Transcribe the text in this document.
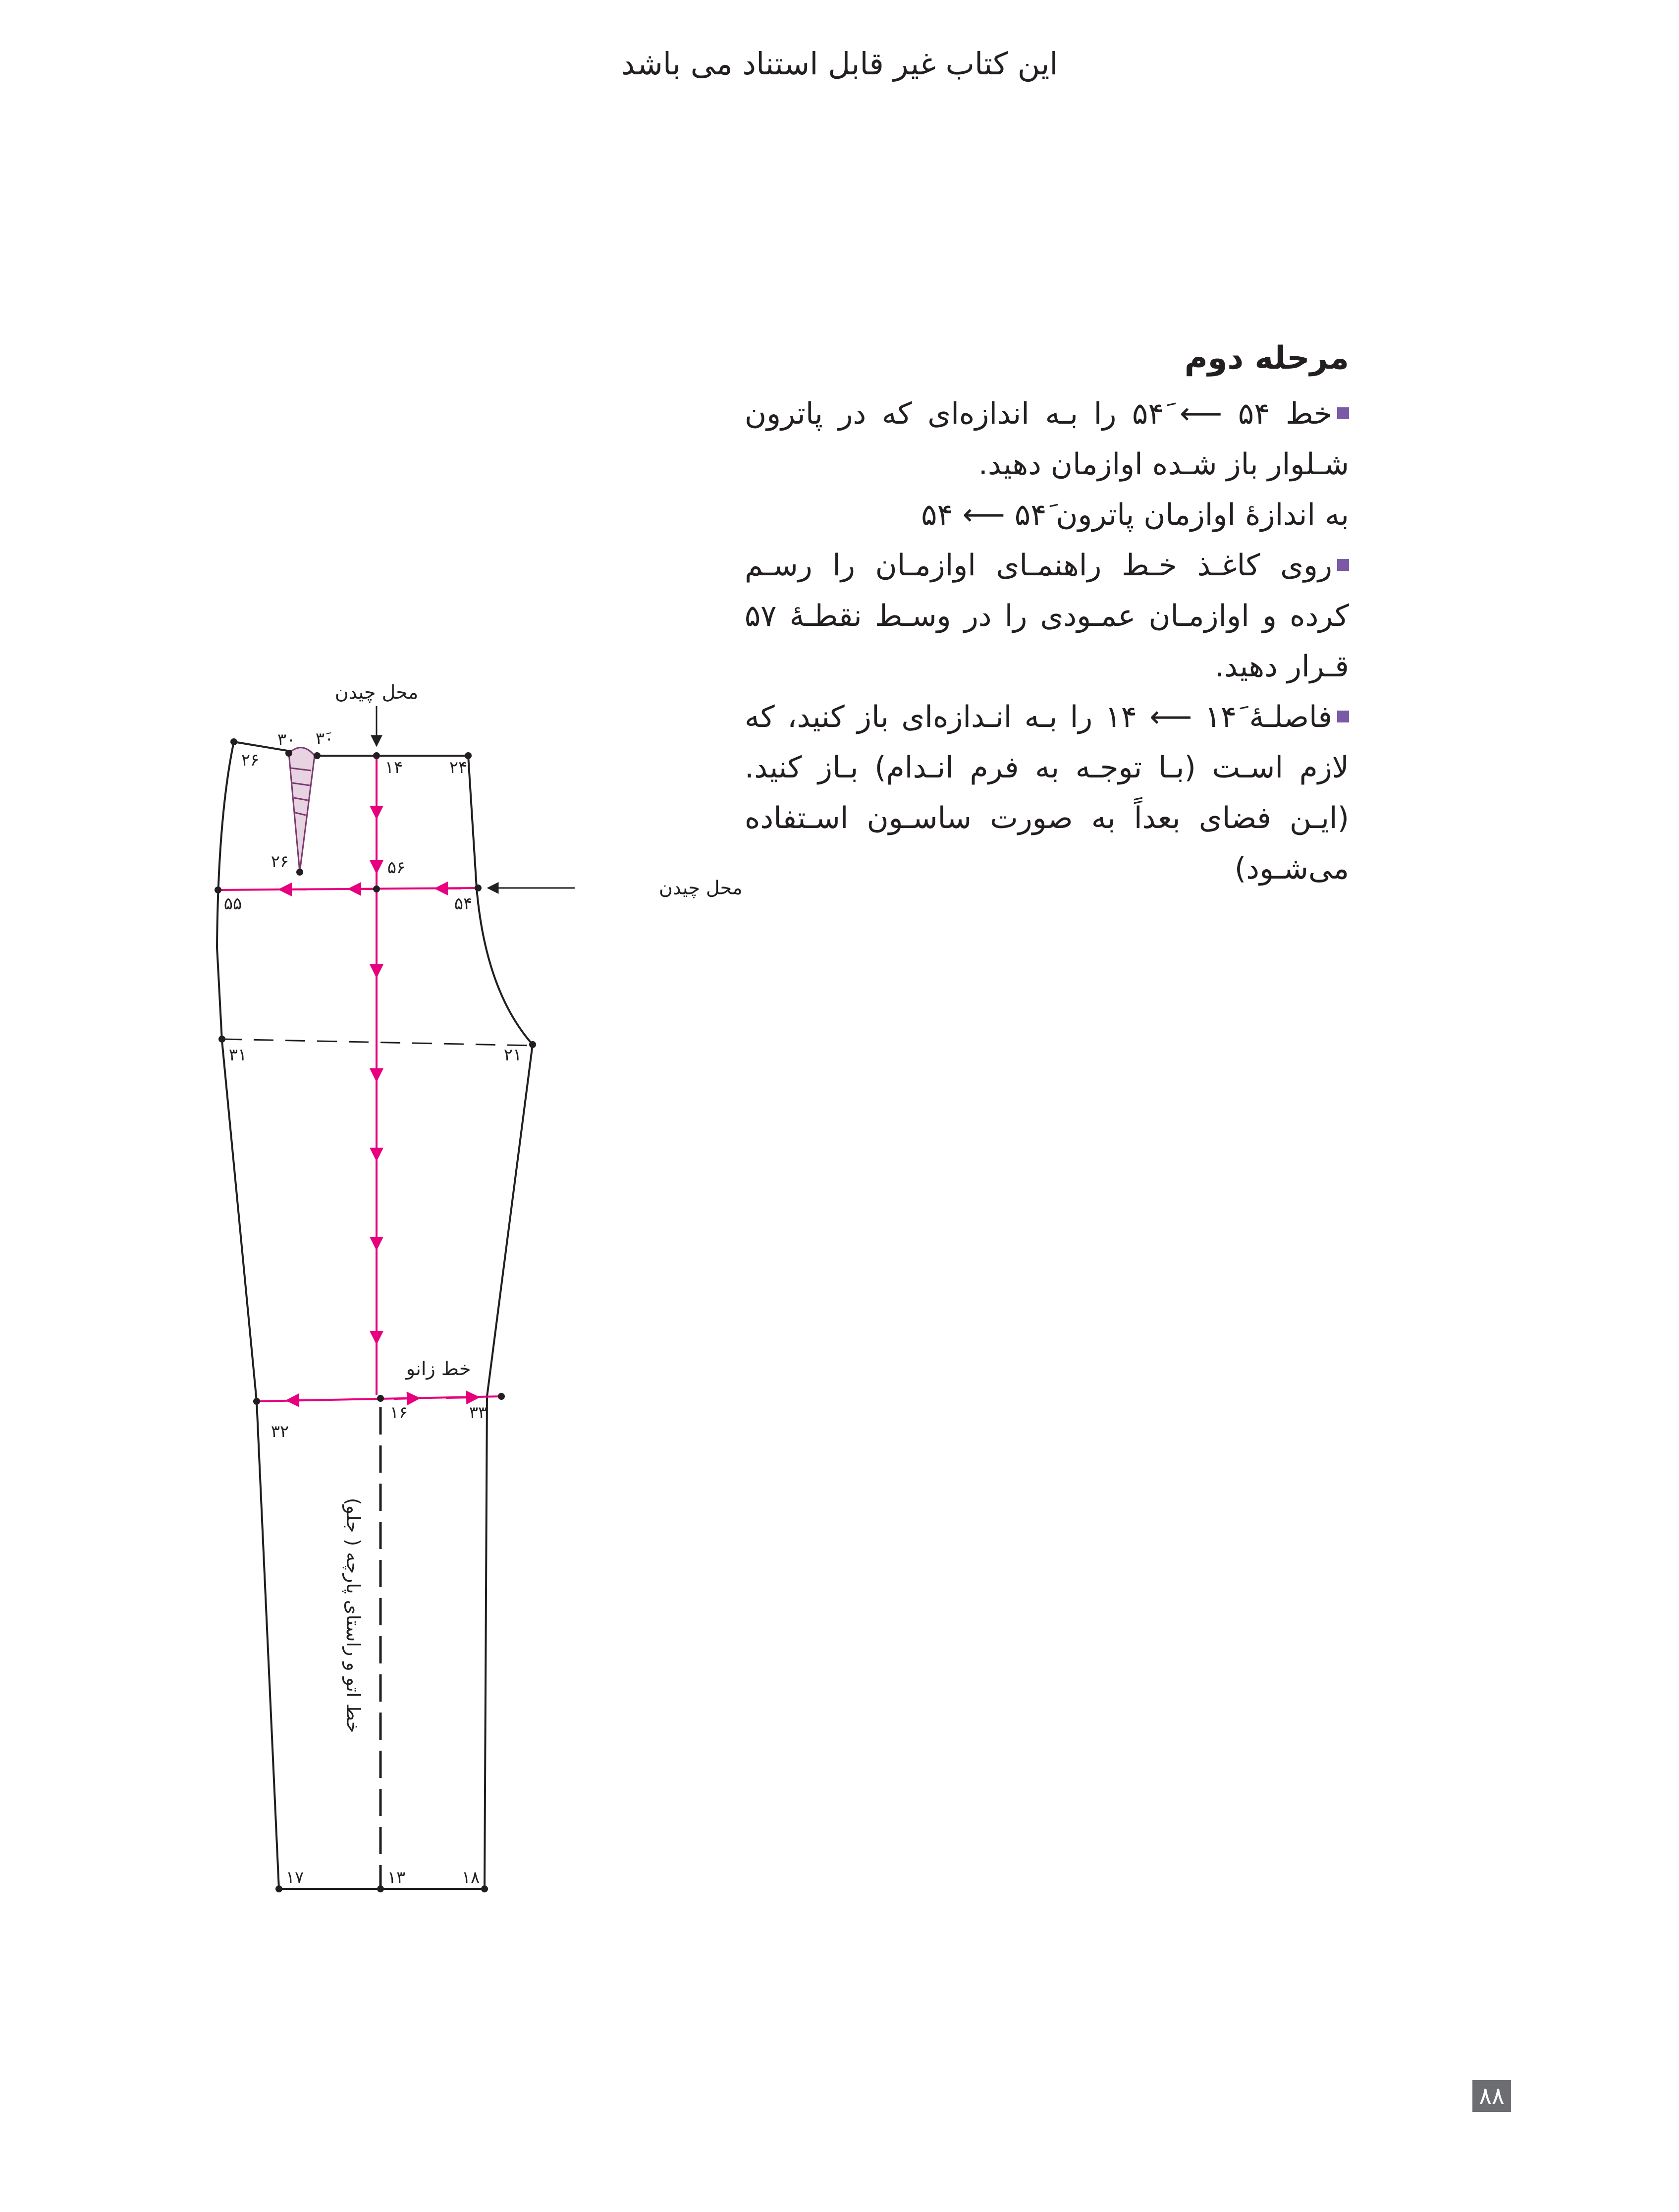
این کتاب غیر قابل استناد می باشد
مرحله دوم

خط ۵۴ ⟵ ۵۴َ را بـه اندازه‌ای که در پاترون شـلوار باز شـده اوازمان دهید.

به اندازۀ اوازمان پاترون ۵۴َ ⟵ ۵۴

روی کاغـذ خـط راهنمـای اوازمـان را رسـم کرده و اوازمـان عمـودی را در وسـط نقطـۀ ۵۷ قـرار دهید.

فاصلـۀ ۱۴َ ⟵ ۱۴ را بـه انـدازه‌ای باز کنید، که لازم اسـت (بـا توجـه به فرم انـدام) بـاز کنید. (ایـن فضای بعداً به صورت ساسـون اسـتفاده می‌شـود)

محل چیدن
محل چیدن
خط زانو
خط اتو و راستای پارچه ( جلو)
۳۰ ۳َ۰
۲۶
۲۶
۱۴	۲۴
۵۶
۵۵	۵۴
۳۱	۲۱
۳۲
۱۶	۳۳
۱۷	۱۳	۱۸
۸۸
